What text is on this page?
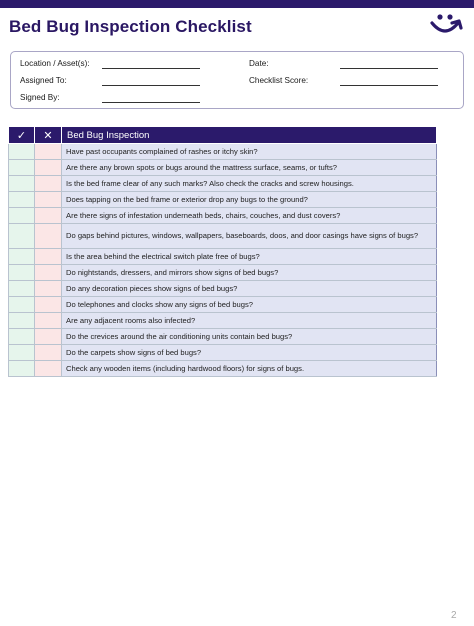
Bed Bug Inspection Checklist
Location / Asset(s):	Date:
Assigned To:	Checklist Score:
Signed By:
✓	✕	Bed Bug Inspection
		Have past occupants complained of rashes or itchy skin?
		Are there any brown spots or bugs around the mattress surface, seams, or tufts?
		Is the bed frame clear of any such marks? Also check the cracks and screw housings.
		Does tapping on the bed frame or exterior drop any bugs to the ground?
		Are there signs of infestation underneath beds, chairs, couches, and dust covers?
		Do gaps behind pictures, windows, wallpapers, baseboards, doos, and door casings have signs of bugs?
		Is the area behind the electrical switch plate free of bugs?
		Do nightstands, dressers, and mirrors show signs of bed bugs?
		Do any decoration pieces show signs of bed bugs?
		Do telephones and clocks show any signs of bed bugs?
		Are any adjacent rooms also infected?
		Do the crevices around the air conditioning units contain bed bugs?
		Do the carpets show signs of bed bugs?
		Check any wooden items (including hardwood floors) for signs of bugs.
2
